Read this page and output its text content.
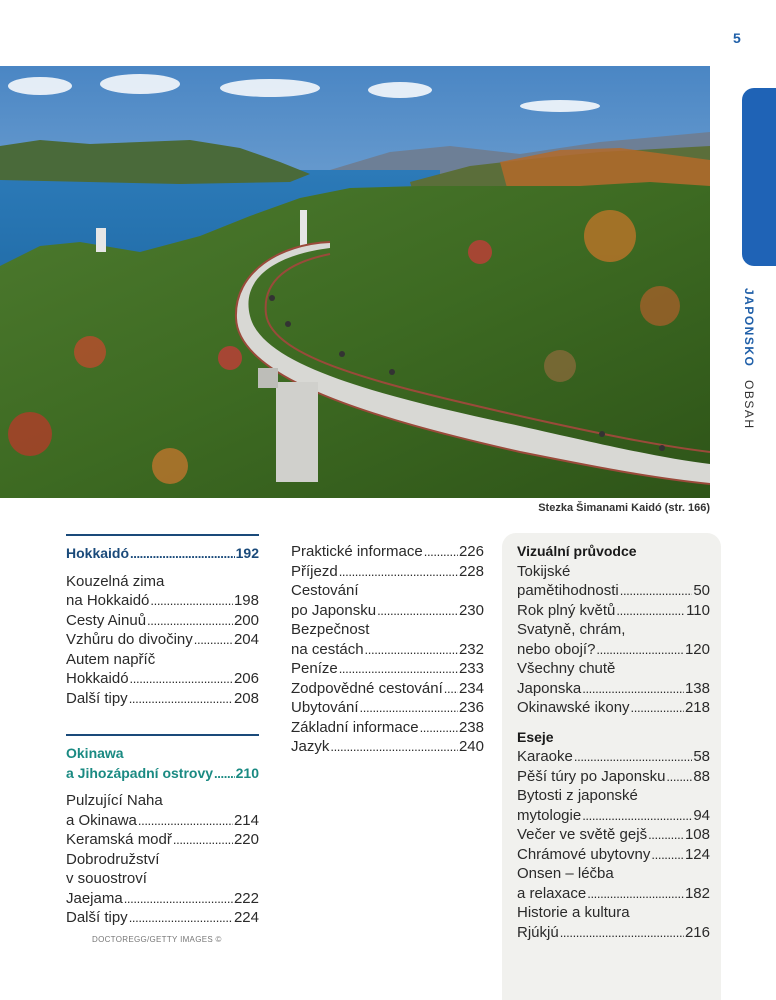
5
JAPONSKO OBSAH
Stezka Šimanami Kaidó (str. 166)
Hokkaidó . . .	192
Kouzelná zima
na Hokkaidó . . .	198
Cesty Ainuů . . .	200
Vzhůru do divočiny . . .	204
Autem napříč
Hokkaidó . . .	206
Další tipy . . .	208
Okinawa
a Jihozápadní ostrovy . . . 210
Pulzující Naha
a Okinawa . . .	214
Keramská modř . . .	220
Dobrodružství
v souostroví
Jaejama . . .	222
Další tipy . . .	224
Praktické informace . . . 226
Příjezd . . .	228
Cestování
po Japonsku . . .	230
Bezpečnost
na cestách . . .	232
Peníze . . .	233
Zodpovědné cestování . . . 234
Ubytování . . .	236
Základní informace . . .	238
Jazyk . . .	240
Vizuální průvodce
Tokijské
pamětihodnosti . . .	50
Rok plný květů . . .	110
Svatyně, chrám,
nebo obojí? . . .	120
Všechny chutě
Japonska . . .	138
Okinawské ikony . . .	218
Eseje
Karaoke . . .	58
Pěší túry po Japonsku . . . 88
Bytosti z japonské
mytologie . . .	94
Večer ve světě gejš . . .	108
Chrámové ubytovny . . . 124
Onsen – léčba
a relaxace . . .	182
Historie a kultura
Rjúkjú . . .	216
DOCTOREGG/GETTY IMAGES ©
